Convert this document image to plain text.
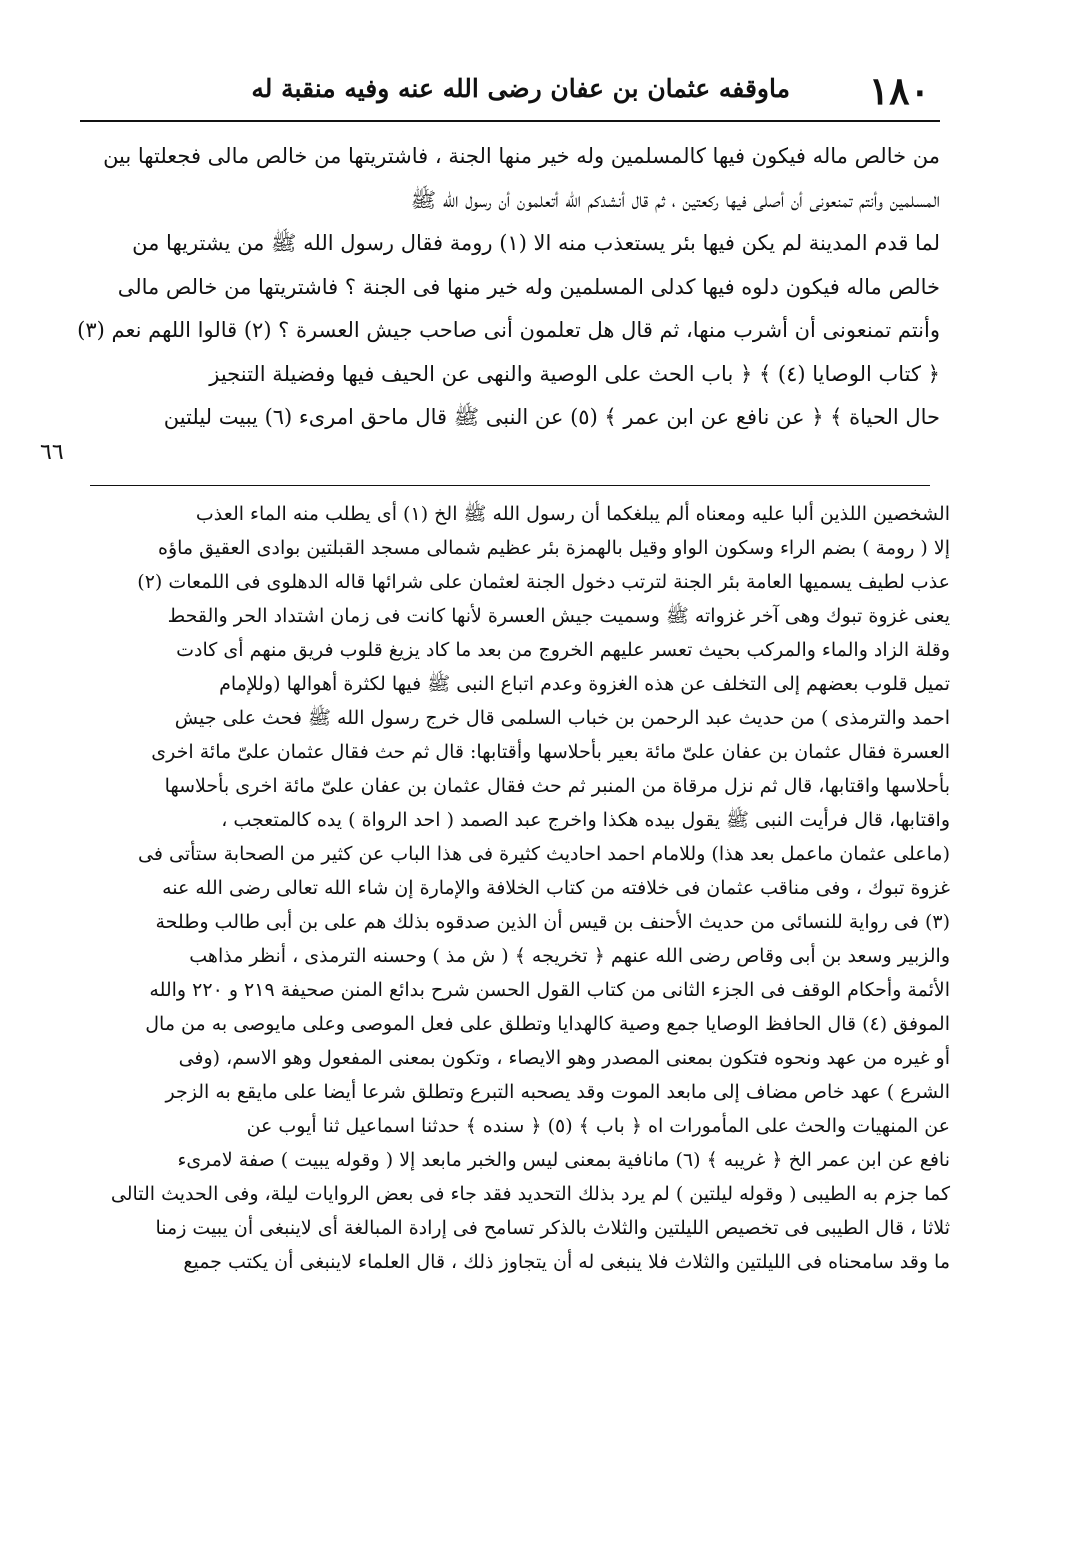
١٨٠
ماوقفه عثمان بن عفان رضى الله عنه وفيه منقبة له
من خالص ماله فيكون فيها كالمسلمين وله خير منها الجنة ، فاشتريتها من خالص مالى فجعلتها بين
المسلمين وأنتم تمنعونى أن أصلى فيها ركعتين ، ثم قال أنشدكم الله أتعلمون أن رسول الله ﷺ
لما قدم المدينة لم يكن فيها بئر يستعذب منه الا (١) رومة فقال رسول الله ﷺ من يشتريها من
خالص ماله فيكون دلوه فيها كدلى المسلمين وله خير منها فى الجنة ؟ فاشتريتها من خالص مالى
وأنتم تمنعونى أن أشرب منها، ثم قال هل تعلمون أنى صاحب جيش العسرة ؟ (٢) قالوا اللهم نعم (٣)
﴿ كتاب الوصايا (٤) ﴾ ﴿ باب الحث على الوصية والنهى عن الحيف فيها وفضيلة التنجيز
حال الحياة ﴾ ﴿ عن نافع عن ابن عمر ﴾ (٥) عن النبى ﷺ قال ماحق امرىء (٦) يبيت ليلتين
٦٦
الشخصين اللذين ألبا عليه ومعناه ألم يبلغكما أن رسول الله ﷺ الخ (١) أى يطلب منه الماء العذب
إلا ( رومة ) بضم الراء وسكون الواو وقيل بالهمزة بئر عظيم شمالى مسجد القبلتين بوادى العقيق ماؤه
عذب لطيف يسميها العامة بئر الجنة لترتب دخول الجنة لعثمان على شرائها قاله الدهلوى فى اللمعات (٢)
يعنى غزوة تبوك وهى آخر غزواته ﷺ وسميت جيش العسرة لأنها كانت فى زمان اشتداد الحر والقحط
وقلة الزاد والماء والمركب بحيث تعسر عليهم الخروج من بعد ما كاد يزيغ قلوب فريق منهم أى كادت
تميل قلوب بعضهم إلى التخلف عن هذه الغزوة وعدم اتباع النبى ﷺ فيها لكثرة أهوالها (وللإمام
احمد والترمذى ) من حديث عبد الرحمن بن خباب السلمى قال خرج رسول الله ﷺ فحث على جيش
العسرة فقال عثمان بن عفان علىّ مائة بعير بأحلاسها وأقتابها: قال ثم حث فقال عثمان علىّ مائة اخرى
بأحلاسها واقتابها، قال ثم نزل مرقاة من المنبر ثم حث فقال عثمان بن عفان علىّ مائة اخرى بأحلاسها
واقتابها، قال فرأيت النبى ﷺ يقول بيده هكذا واخرج عبد الصمد ( احد الرواة ) يده كالمتعجب ،
(ماعلى عثمان ماعمل بعد هذا) وللامام احمد احاديث كثيرة فى هذا الباب عن كثير من الصحابة ستأتى فى
غزوة تبوك ، وفى مناقب عثمان فى خلافته من كتاب الخلافة والإمارة إن شاء الله تعالى رضى الله عنه
(٣) فى رواية للنسائى من حديث الأحنف بن قيس أن الذين صدقوه بذلك هم على بن أبى طالب وطلحة
والزبير وسعد بن أبى وقاص رضى الله عنهم ﴿ تخريجه ﴾ ( ش مذ ) وحسنه الترمذى ، أنظر مذاهب
الأئمة وأحكام الوقف فى الجزء الثانى من كتاب القول الحسن شرح بدائع المنن صحيفة ٢١٩ و ٢٢٠ والله
الموفق (٤) قال الحافظ الوصايا جمع وصية كالهدايا وتطلق على فعل الموصى وعلى مايوصى به من مال
أو غيره من عهد ونحوه فتكون بمعنى المصدر وهو الايصاء ، وتكون بمعنى المفعول وهو الاسم، (وفى
الشرع ) عهد خاص مضاف إلى مابعد الموت وقد يصحبه التبرع وتطلق شرعا أيضا على مايقع به الزجر
عن المنهيات والحث على المأمورات اه ﴿ باب ﴾ (٥) ﴿ سنده ﴾ حدثنا اسماعيل ثنا أيوب عن
نافع عن ابن عمر الخ ﴿ غريبه ﴾ (٦) مانافية بمعنى ليس والخبر مابعد إلا ( وقوله يبيت ) صفة لامرىء
كما جزم به الطيبى ( وقوله ليلتين ) لم يرد بذلك التحديد فقد جاء فى بعض الروايات ليلة، وفى الحديث التالى
ثلاثا ، قال الطيبى فى تخصيص الليلتين والثلاث بالذكر تسامح فى إرادة المبالغة أى لاينبغى أن يبيت زمنا
ما وقد سامحناه فى الليلتين والثلاث فلا ينبغى له أن يتجاوز ذلك ، قال العلماء لاينبغى أن يكتب جميع
